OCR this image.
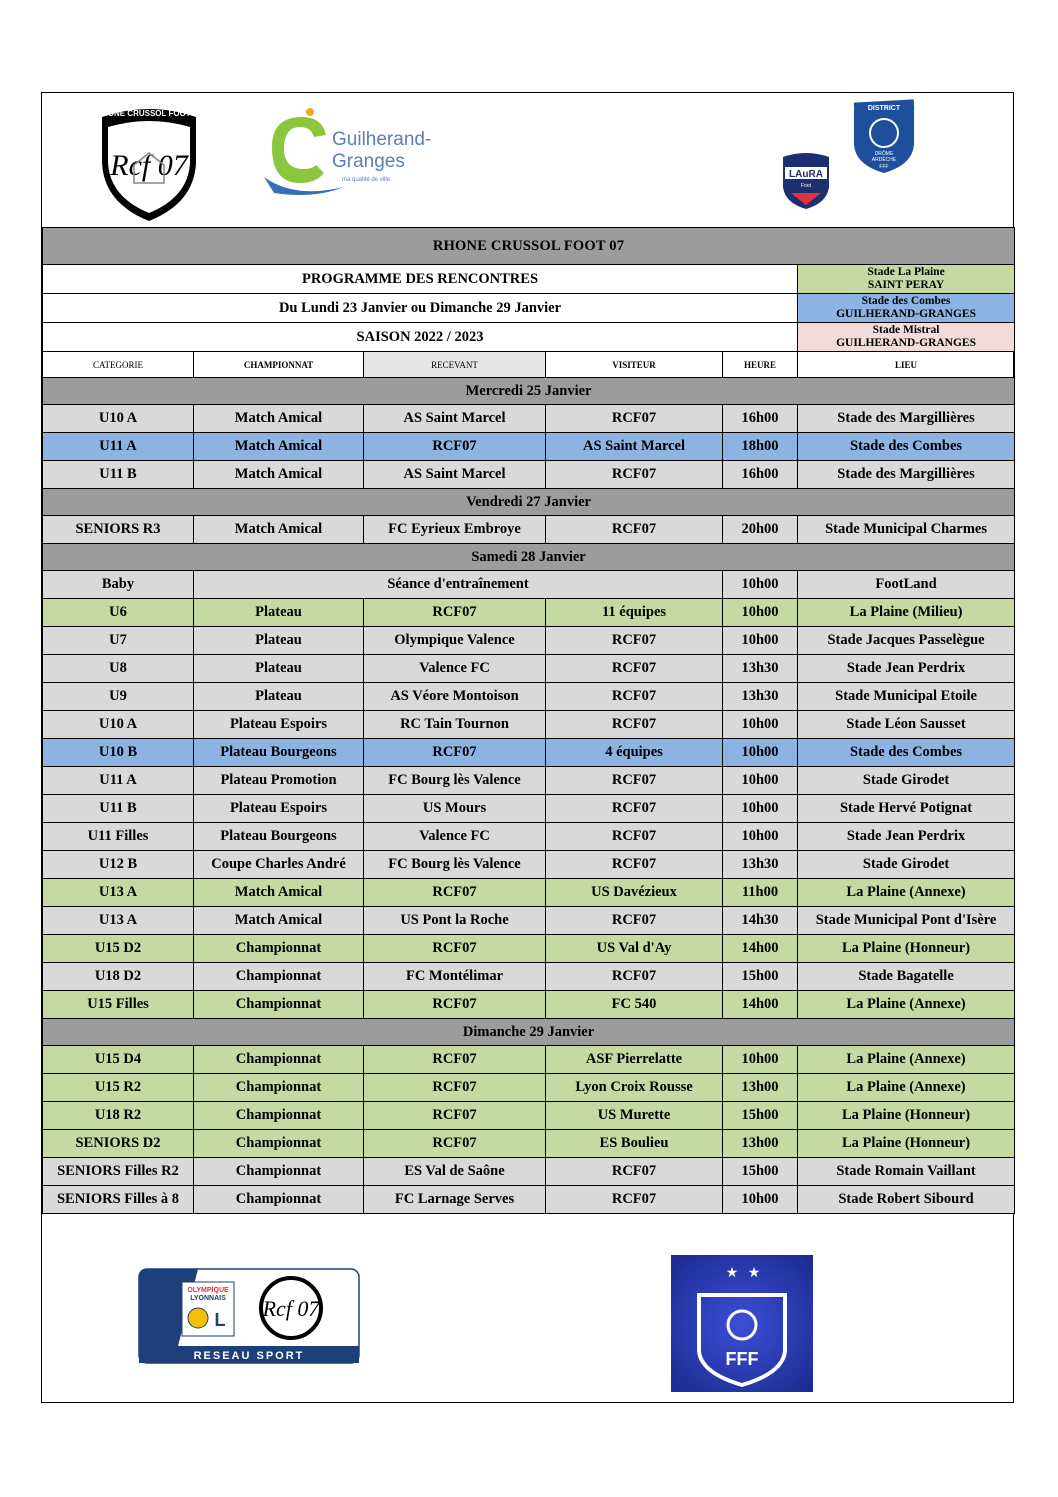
RHONE CRUSSOL FOOT 07
Rcf 07
Guilherand-
Granges
ma qualité de ville	LAuRA
Foot
DISTRICT
DRÔME
ARDÈCHE
FFF
RHONE CRUSSOL FOOT 07					
PROGRAMME DES RENCONTRES					Stade La Plaine
SAINT PERAY

Du Lundi 23 Janvier ou Dimanche 29 Janvier					Stade des Combes
GUILHERAND-GRANGES

SAISON 2022 / 2023					Stade Mistral
GUILHERAND-GRANGES

CATEGORIE	CHAMPIONNAT	RECEVANT	VISITEUR	HEURE	LIEU
Mercredi 25 Janvier					
U10 A	Match Amical	AS Saint Marcel	RCF07	16h00	Stade des Margillières
U11 A	Match Amical	RCF07	AS Saint Marcel	18h00	Stade des Combes
U11 B	Match Amical	AS Saint Marcel	RCF07	16h00	Stade des Margillières
Vendredi 27 Janvier					
SENIORS R3	Match Amical	FC Eyrieux Embroye	RCF07	20h00	Stade Municipal Charmes
Samedi 28 Janvier					
Baby	Séance d'entraînement			10h00	FootLand
U6	Plateau	RCF07	11 équipes	10h00	La Plaine (Milieu)
U7	Plateau	Olympique Valence	RCF07	10h00	Stade Jacques Passelègue
U8	Plateau	Valence FC	RCF07	13h30	Stade Jean Perdrix
U9	Plateau	AS Véore Montoison	RCF07	13h30	Stade Municipal Etoile
U10 A	Plateau Espoirs	RC Tain Tournon	RCF07	10h00	Stade Léon Sausset
U10 B	Plateau Bourgeons	RCF07	4 équipes	10h00	Stade des Combes
U11 A	Plateau Promotion	FC Bourg lès Valence	RCF07	10h00	Stade Girodet
U11 B	Plateau Espoirs	US Mours	RCF07	10h00	Stade Hervé Potignat
U11 Filles	Plateau Bourgeons	Valence FC	RCF07	10h00	Stade Jean Perdrix
U12 B	Coupe Charles André	FC Bourg lès Valence	RCF07	13h30	Stade Girodet
U13 A	Match Amical	RCF07	US Davézieux	11h00	La Plaine (Annexe)
U13 A	Match Amical	US Pont la Roche	RCF07	14h30	Stade Municipal Pont d'Isère
U15 D2	Championnat	RCF07	US Val d'Ay	14h00	La Plaine (Honneur)
U18 D2	Championnat	FC Montélimar	RCF07	15h00	Stade Bagatelle
U15 Filles	Championnat	RCF07	FC 540	14h00	La Plaine (Annexe)
Dimanche 29 Janvier					
U15 D4	Championnat	RCF07	ASF Pierrelatte	10h00	La Plaine (Annexe)
U15 R2	Championnat	RCF07	Lyon Croix Rousse	13h00	La Plaine (Annexe)
U18 R2	Championnat	RCF07	US Murette	15h00	La Plaine (Honneur)
SENIORS D2	Championnat	RCF07	ES Boulieu	13h00	La Plaine (Honneur)
SENIORS Filles R2	Championnat	ES Val de Saône	RCF07	15h00	Stade Romain Vaillant
SENIORS Filles à 8	Championnat	FC Larnage Serves	RCF07	10h00	Stade Robert Sibourd
RESEAU SPORT
OLYMPIQUE
LYONNAIS
L Rcf 07
★ ★
FFF
